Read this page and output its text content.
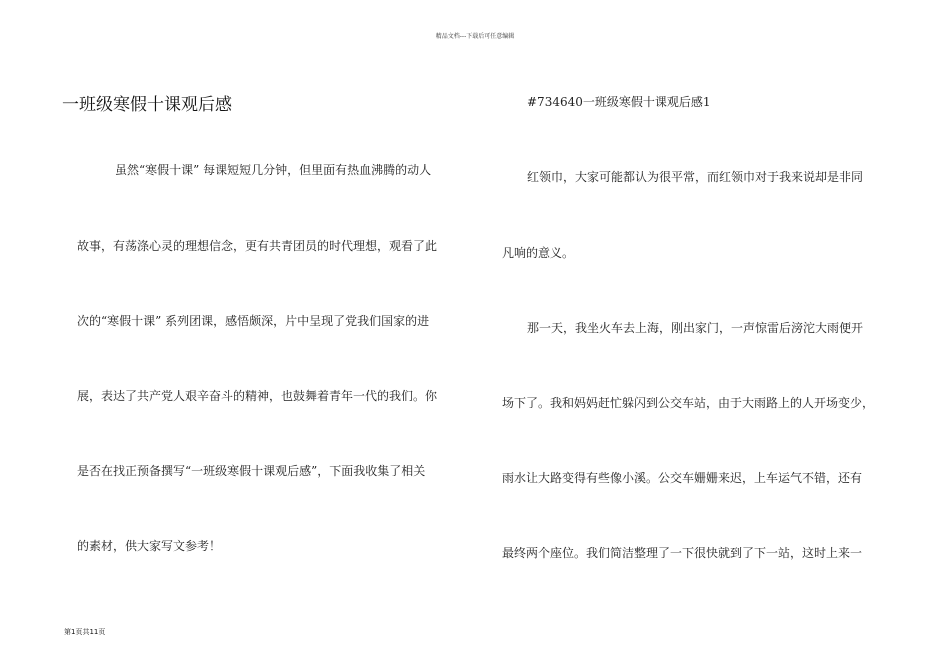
精品文档---下载后可任意编辑
一班级寒假十课观后感	#734640一班级寒假十课观后感1
虽然“寒假十课” 每课短短几分钟，但里面有热血沸腾的动人
故事，有荡涤心灵的理想信念，更有共青团员的时代理想，观看了此
次的“寒假十课” 系列团课，感悟颇深，片中呈现了党我们国家的进
展，表达了共产党人艰辛奋斗的精神，也鼓舞着青年一代的我们。你
是否在找正预备撰写“一班级寒假十课观后感”，下面我收集了相关
的素材，供大家写文参考！
红领巾，大家可能都认为很平常，而红领巾对于我来说却是非同
凡响的意义。
那一天，我坐火车去上海，刚出家门，一声惊雷后滂沱大雨便开
场下了。我和妈妈赶忙躲闪到公交车站，由于大雨路上的人开场变少，
雨水让大路变得有些像小溪。公交车姗姗来迟，上车运气不错，还有
最终两个座位。我们简洁整理了一下很快就到了下一站，这时上来一
第1页共11页
